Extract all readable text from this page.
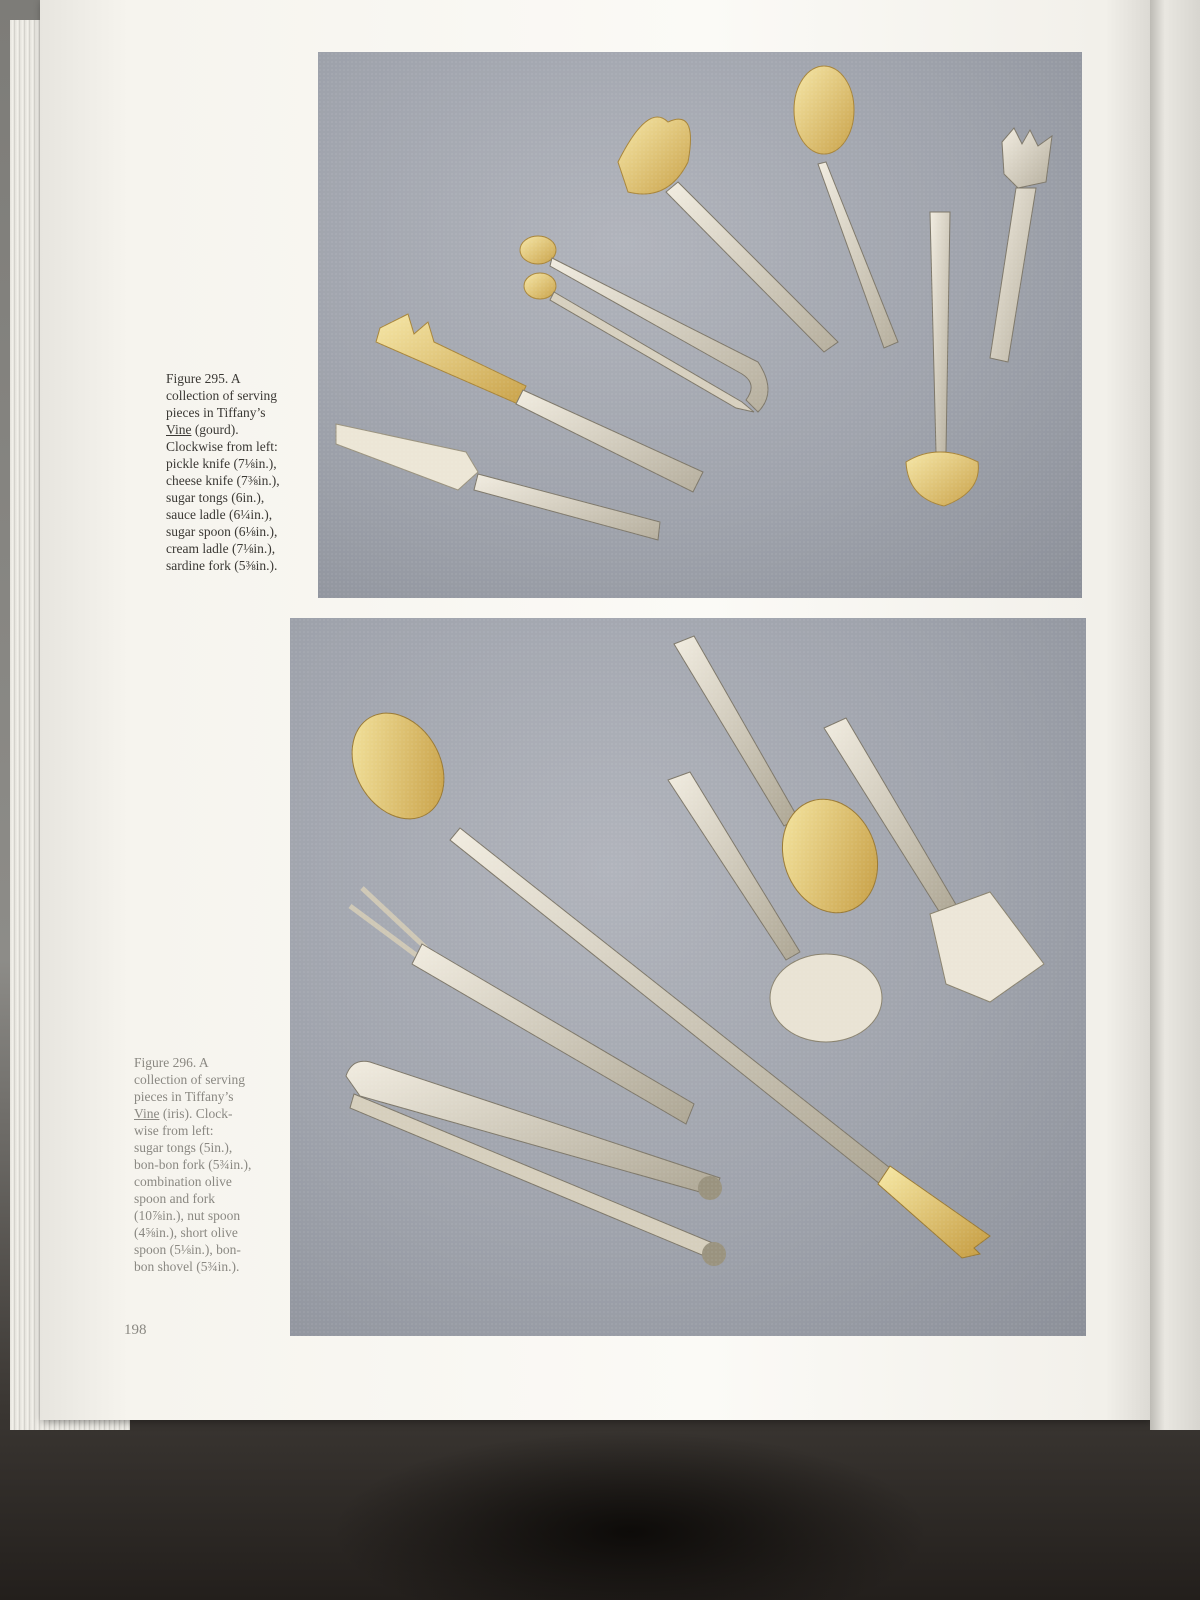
Figure 295. A
collection of serving
pieces in Tiffany’s
Vine (gourd).
Clockwise from left:
pickle knife (7⅛in.),
cheese knife (7⅜in.),
sugar tongs (6in.),
sauce ladle (6¼in.),
sugar spoon (6⅛in.),
cream ladle (7⅛in.),
sardine fork (5⅜in.).

Figure 296. A
collection of serving
pieces in Tiffany’s
Vine (iris). Clock-
wise from left:
sugar tongs (5in.),
bon-bon fork (5¾in.),
combination olive
spoon and fork
(10⅞in.), nut spoon
(4⅝in.), short olive
spoon (5⅛in.), bon-
bon shovel (5¾in.).

198
